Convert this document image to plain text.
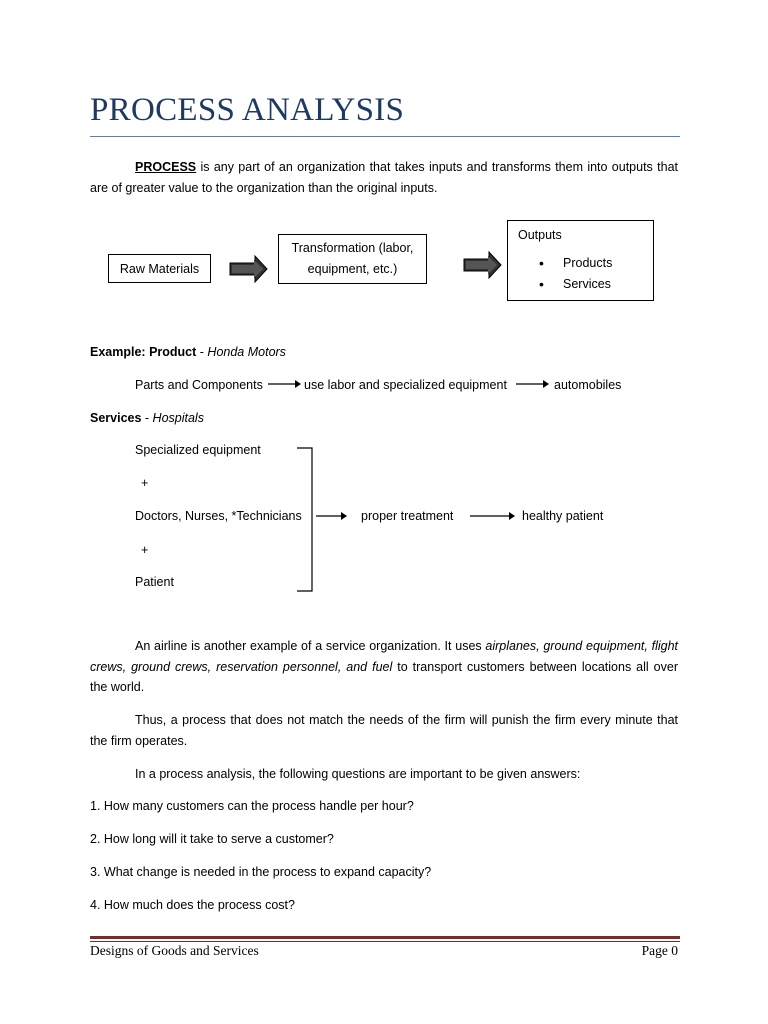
PROCESS ANALYSIS
PROCESS is any part of an organization that takes inputs and transforms them into outputs that are of greater value to the organization than the original inputs.
Raw Materials
Transformation (labor, equipment, etc.)
Outputs
• Products
• Services
Example: Product - Honda Motors
Parts and Components	use labor and specialized equipment	automobiles
Services - Hospitals
Specialized equipment
+
Doctors, Nurses, *Technicians
+
Patient
proper treatment	healthy patient
An airline is another example of a service organization. It uses airplanes, ground equipment, flight crews, ground crews, reservation personnel, and fuel to transport customers between locations all over the world.
Thus, a process that does not match the needs of the firm will punish the firm every minute that the firm operates.
In a process analysis, the following questions are important to be given answers:
1. How many customers can the process handle per hour?
2. How long will it take to serve a customer?
3. What change is needed in the process to expand capacity?
4. How much does the process cost?
Designs of Goods and Services	Page 0
